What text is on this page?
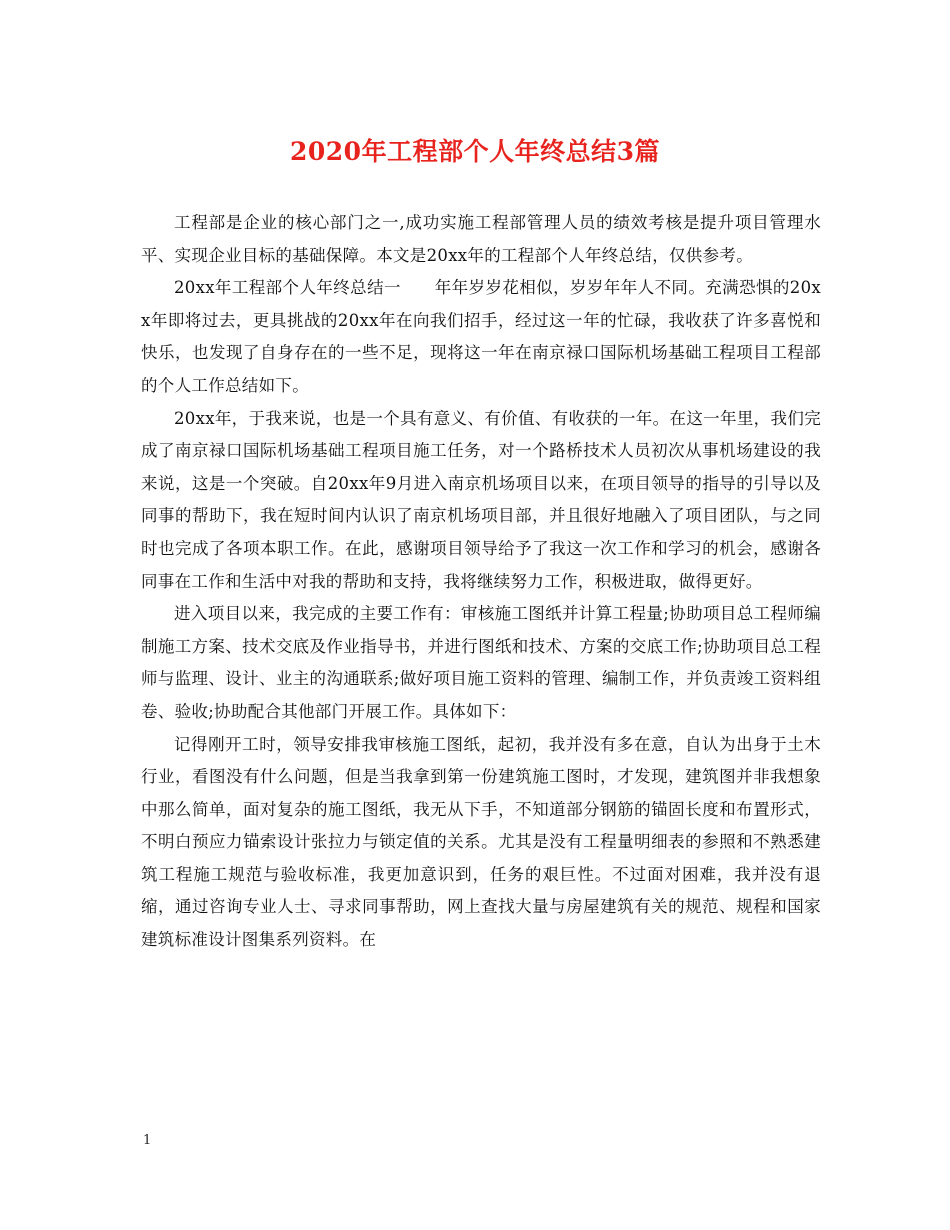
2020年工程部个人年终总结3篇

工程部是企业的核心部门之一,成功实施工程部管理人员的绩效考核是提升项目管理水平、实现企业目标的基础保障。本文是20xx年的工程部个人年终总结，仅供参考。

20xx年工程部个人年终总结一　　年年岁岁花相似，岁岁年年人不同。充满恐惧的20xx年即将过去，更具挑战的20xx年在向我们招手，经过这一年的忙碌，我收获了许多喜悦和快乐，也发现了自身存在的一些不足，现将这一年在南京禄口国际机场基础工程项目工程部的个人工作总结如下。

20xx年，于我来说，也是一个具有意义、有价值、有收获的一年。在这一年里，我们完成了南京禄口国际机场基础工程项目施工任务，对一个路桥技术人员初次从事机场建设的我来说，这是一个突破。自20xx年9月进入南京机场项目以来，在项目领导的指导的引导以及同事的帮助下，我在短时间内认识了南京机场项目部，并且很好地融入了项目团队，与之同时也完成了各项本职工作。在此，感谢项目领导给予了我这一次工作和学习的机会，感谢各同事在工作和生活中对我的帮助和支持，我将继续努力工作，积极进取，做得更好。

进入项目以来，我完成的主要工作有：审核施工图纸并计算工程量;协助项目总工程师编制施工方案、技术交底及作业指导书，并进行图纸和技术、方案的交底工作;协助项目总工程师与监理、设计、业主的沟通联系;做好项目施工资料的管理、编制工作，并负责竣工资料组卷、验收;协助配合其他部门开展工作。具体如下：

记得刚开工时，领导安排我审核施工图纸，起初，我并没有多在意，自认为出身于土木行业，看图没有什么问题，但是当我拿到第一份建筑施工图时，才发现，建筑图并非我想象中那么简单，面对复杂的施工图纸，我无从下手，不知道部分钢筋的锚固长度和布置形式，不明白预应力锚索设计张拉力与锁定值的关系。尤其是没有工程量明细表的参照和不熟悉建筑工程施工规范与验收标准，我更加意识到，任务的艰巨性。不过面对困难，我并没有退缩，通过咨询专业人士、寻求同事帮助，网上查找大量与房屋建筑有关的规范、规程和国家建筑标准设计图集系列资料。在

1
